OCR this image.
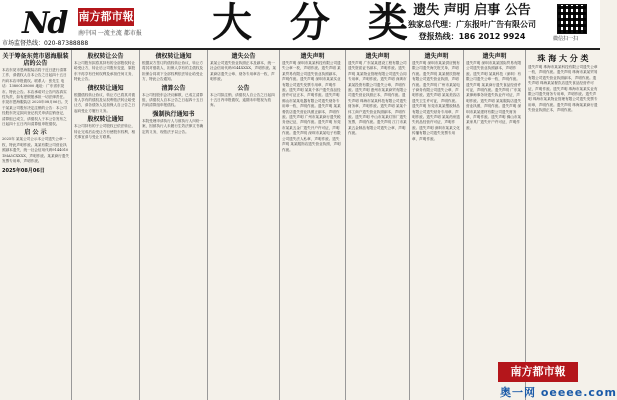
Nd 南方都市報
南中国 一流主流 都市报
市场监督热线：020-87388888	大 分 类
遗失 声明 启事 公告
独家总代理：广东报叶广告有限公司
登报热线：186 2012 9924	微信扫一扫
关于筹备东莞市恩海服装店的公告

本店东莞市恩海服装店将于近日进行清算工作，请债权人自本公告之日起四十五日内向本店申报债权。联系人：张先生 电话：13800138000 地址：广东省东莞市。特此公告。本店承诺对公告内容真实性负责，如有虚假愿承担一切法律责任。东莞市恩海服装店 2025年08月06日。关于某某公司股东决定注销的公告：本公司经股东决定拟向登记机关申请注销登记，清算组已成立，请债权人于本公告发布之日起四十五日内向清算组申报债权。

启 公 示

2025年 某某公司公示本公司遗失公章一枚，特此声明作废。某某有限公司营业执照副本遗失，统一社会信用代码91440101MA5CXXXX，声明作废。某某商行遗失发票专用章，声明作废。

2025年08月06日
股权转让公告

本公司股东拟将其持有的全部股权转让给受让方，转让后公司股东变更，原股东不再享有任何权利及承担任何义务，特此公告。

债权转让通知

根据债权转让协议，转让方已将其对债务人享有的债权及从权利依法转让给受让方，请各债务人及担保人自公告之日起向受让方履行义务。

股权转让通知

本公司持有的子公司股权已依法转让，转让完成后由受让方行使股东权利，相关事宜请与受让方联系。

债权转让通知

根据双方签订的债权转让协议，转让方将其对借款人、担保人享有的主债权及担保合同项下全部权利依法转让给受让方，特此公告通知。

清算公告

本公司经股东会决议解散，已成立清算组，请债权人自本公告之日起四十五日内向清算组申报债权。

强制执行通知书

本院受理申请执行人与被执行人纠纷一案，因被执行人未履行生效法律文书确定的义务，现依法予以公告。

遗失公告

某某公司遗失营业执照正本及副本，统一社会信用代码9144XXXX，声明作废。某某商店遗失公章、财务专用章各一枚，声明作废。

公告

本公司拟注销，请债权人自公告之日起四十五日内申报债权，逾期未申报视为放弃。

遗失声明

遗失声明 深圳市某某科技有限公司遗失公章一枚，声明作废。遗失声明 某某贸易有限公司遗失营业执照副本，声明作废。遗失声明 深圳市某某实业有限公司遗失发票专用章，声明作废。遗失声明 某某个体户遗失食品经营许可证正本，声明作废。遗失声明 佛山市某某电器有限公司遗失财务专用章一枚，声明作废。遗失声明 某某餐饮店遗失营业执照正副本，声明作废。遗失声明 广州市某某商行遗失税务登记证，声明作废。遗失声明 东莞市某某五金厂遗失开户许可证，声明作废。遗失声明 深圳市某某电子有限公司遗失法人私章，声明作废。遗失声明 某某服饰店遗失营业执照，声明作废。

遗失声明

遗失声明 广东某某建设工程有限公司遗失资质证书副本，声明作废。遗失声明 某某物业管理有限公司遗失合同专用章，声明作废。遗失声明 深圳市某某投资有限公司遗失公章，声明作废。遗失声明 惠州市某某商贸有限公司遗失营业执照正本，声明作废。遗失声明 珠海市某某科技有限公司遗失财务章，声明作废。遗失声明 某某个体工商户遗失营业执照副本，声明作废。遗失声明 中山市某某灯饰厂遗失发票，声明作废。遗失声明 江门市某某五金制品有限公司遗失公章，声明作废。

遗失声明

遗失声明 深圳市某某供应链有限公司遗失海关报关单，声明作废。遗失声明 某某餐饮管理有限公司遗失营业执照，声明作废。遗失声明 广州市某某电子商务有限公司遗失公章，声明作废。遗失声明 某某美容店遗失卫生许可证，声明作废。遗失声明 东莞市某某塑胶制品有限公司遗失财务专用章，声明作废。遗失声明 某某药房遗失药品经营许可证，声明作废。遗失声明 深圳市某某文化传播有限公司遗失发票专用章，声明作废。

遗失声明

遗失声明 深圳市某某国际贸易有限公司遗失营业执照副本，声明作废。遗失声明 某某科技（深圳）有限公司遗失公章一枚，声明作废。遗失声明 某某商行遗失食品经营许可证，声明作废。遗失声明 广东某某律师事务所遗失执业许可证，声明作废。遗失声明 某某服装店遗失营业执照，声明作废。遗失声明 深圳市某某建材有限公司遗失财务章，声明作废。遗失声明 佛山市某某家具厂遗失开户许可证，声明作废。

珠 海 大 分 类

遗失声明 珠海市某某科技有限公司遗失公章一枚，声明作废。遗失声明 珠海市某某贸易有限公司遗失营业执照副本，声明作废。遗失声明 珠海某某餐饮店遗失食品经营许可证，声明作废。遗失声明 珠海市某某实业有限公司遗失财务专用章，声明作废。遗失声明 珠海市某某物业管理有限公司遗失发票专用章，声明作废。遗失声明 珠海某某商行遗失营业执照正本，声明作废。

南方都市報
奥一网 oeeee.com
